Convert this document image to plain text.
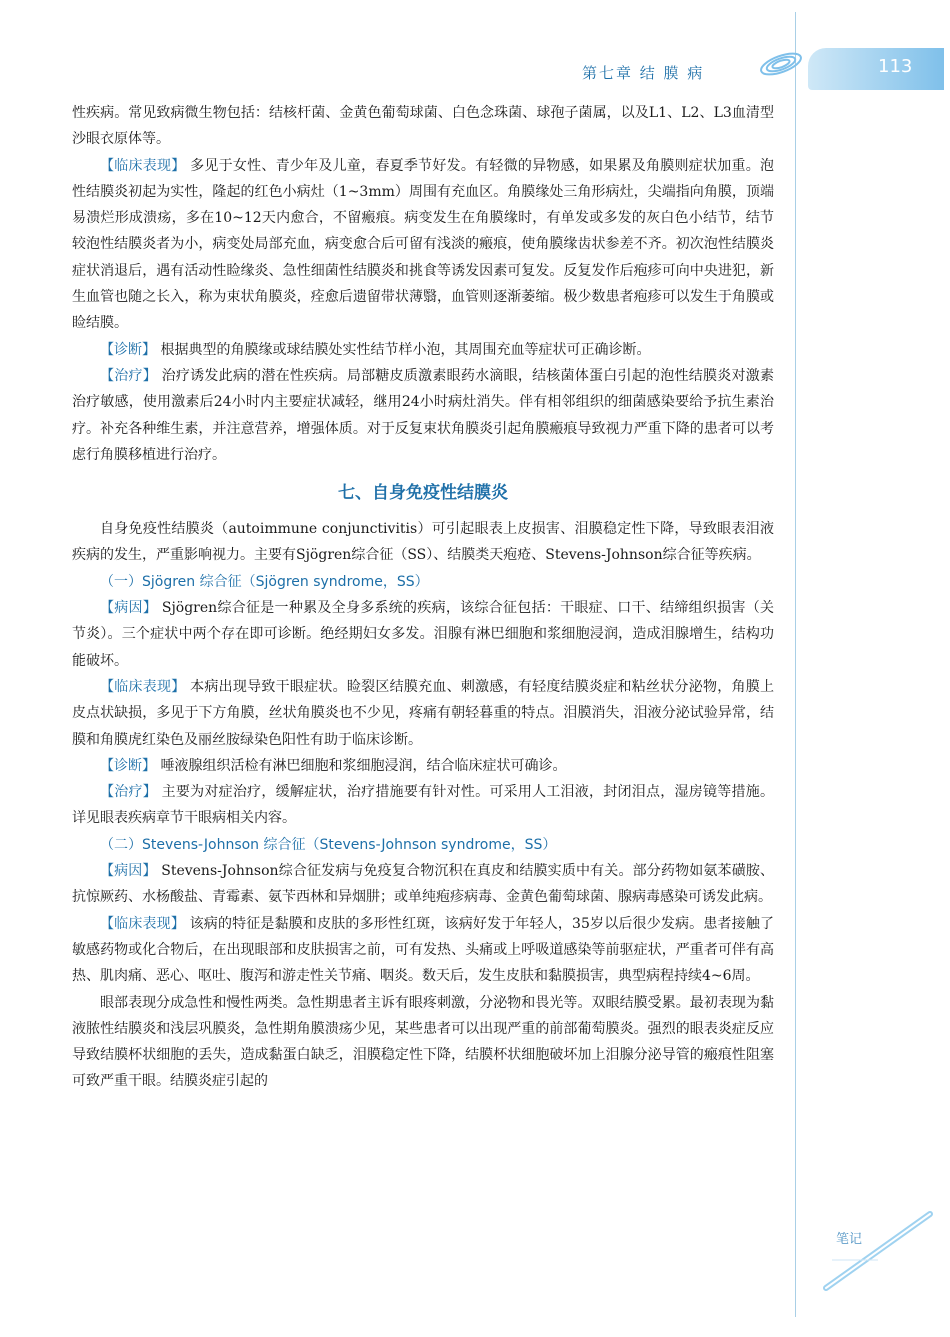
第七章 结 膜 病	113

性疾病。常见致病微生物包括：结核杆菌、金黄色葡萄球菌、白色念珠菌、球孢子菌属，以及L1、L2、L3血清型沙眼衣原体等。

【临床表现】 多见于女性、青少年及儿童，春夏季节好发。有轻微的异物感，如果累及角膜则症状加重。泡性结膜炎初起为实性，隆起的红色小病灶（1~3mm）周围有充血区。角膜缘处三角形病灶，尖端指向角膜，顶端易溃烂形成溃疡，多在10~12天内愈合，不留瘢痕。病变发生在角膜缘时，有单发或多发的灰白色小结节，结节较泡性结膜炎者为小，病变处局部充血，病变愈合后可留有浅淡的瘢痕，使角膜缘齿状参差不齐。初次泡性结膜炎症状消退后，遇有活动性睑缘炎、急性细菌性结膜炎和挑食等诱发因素可复发。反复发作后疱疹可向中央进犯，新生血管也随之长入，称为束状角膜炎，痊愈后遗留带状薄翳，血管则逐渐萎缩。极少数患者疱疹可以发生于角膜或睑结膜。

【诊断】 根据典型的角膜缘或球结膜处实性结节样小泡，其周围充血等症状可正确诊断。

【治疗】 治疗诱发此病的潜在性疾病。局部糖皮质激素眼药水滴眼，结核菌体蛋白引起的泡性结膜炎对激素治疗敏感，使用激素后24小时内主要症状减轻，继用24小时病灶消失。伴有相邻组织的细菌感染要给予抗生素治疗。补充各种维生素，并注意营养，增强体质。对于反复束状角膜炎引起角膜瘢痕导致视力严重下降的患者可以考虑行角膜移植进行治疗。

七、自身免疫性结膜炎

自身免疫性结膜炎（autoimmune conjunctivitis）可引起眼表上皮损害、泪膜稳定性下降，导致眼表泪液疾病的发生，严重影响视力。主要有Sjögren综合征（SS）、结膜类天疱疮、Stevens-Johnson综合征等疾病。

（一）Sjögren 综合征（Sjögren syndrome，SS）

【病因】 Sjögren综合征是一种累及全身多系统的疾病，该综合征包括：干眼症、口干、结缔组织损害（关节炎）。三个症状中两个存在即可诊断。绝经期妇女多发。泪腺有淋巴细胞和浆细胞浸润，造成泪腺增生，结构功能破坏。

【临床表现】 本病出现导致干眼症状。睑裂区结膜充血、刺激感，有轻度结膜炎症和粘丝状分泌物，角膜上皮点状缺损，多见于下方角膜，丝状角膜炎也不少见，疼痛有朝轻暮重的特点。泪膜消失，泪液分泌试验异常，结膜和角膜虎红染色及丽丝胺绿染色阳性有助于临床诊断。

【诊断】 唾液腺组织活检有淋巴细胞和浆细胞浸润，结合临床症状可确诊。

【治疗】 主要为对症治疗，缓解症状，治疗措施要有针对性。可采用人工泪液，封闭泪点，湿房镜等措施。详见眼表疾病章节干眼病相关内容。

（二）Stevens-Johnson 综合征（Stevens-Johnson syndrome，SS）

【病因】 Stevens-Johnson综合征发病与免疫复合物沉积在真皮和结膜实质中有关。部分药物如氨苯磺胺、抗惊厥药、水杨酸盐、青霉素、氨苄西林和异烟肼；或单纯疱疹病毒、金黄色葡萄球菌、腺病毒感染可诱发此病。

【临床表现】 该病的特征是黏膜和皮肤的多形性红斑，该病好发于年轻人，35岁以后很少发病。患者接触了敏感药物或化合物后，在出现眼部和皮肤损害之前，可有发热、头痛或上呼吸道感染等前驱症状，严重者可伴有高热、肌肉痛、恶心、呕吐、腹泻和游走性关节痛、咽炎。数天后，发生皮肤和黏膜损害，典型病程持续4~6周。

眼部表现分成急性和慢性两类。急性期患者主诉有眼疼刺激，分泌物和畏光等。双眼结膜受累。最初表现为黏液脓性结膜炎和浅层巩膜炎，急性期角膜溃疡少见，某些患者可以出现严重的前部葡萄膜炎。强烈的眼表炎症反应导致结膜杯状细胞的丢失，造成黏蛋白缺乏，泪膜稳定性下降，结膜杯状细胞破坏加上泪腺分泌导管的瘢痕性阻塞可致严重干眼。结膜炎症引起的

笔记
